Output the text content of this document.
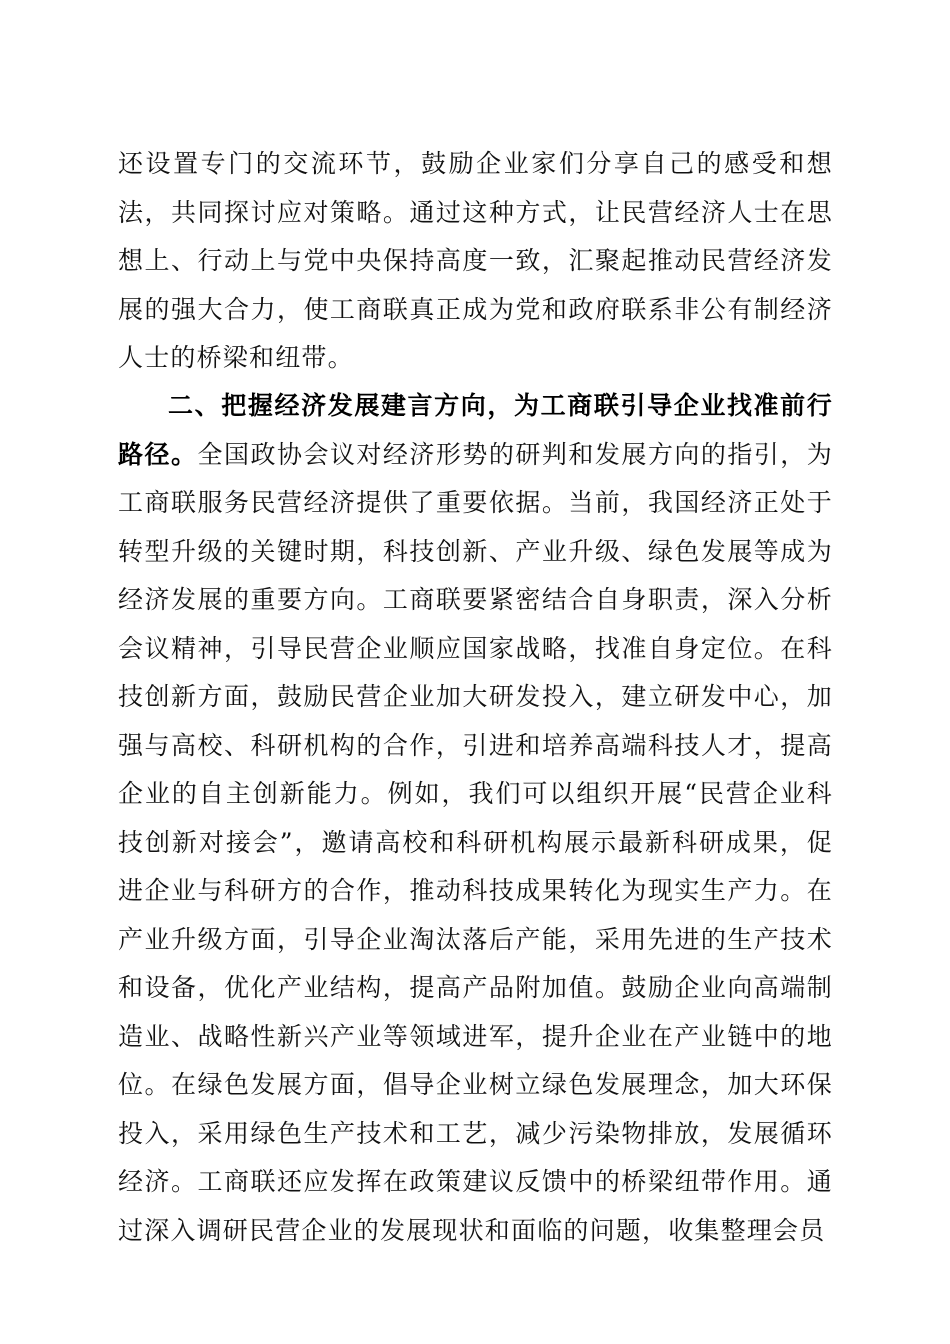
还设置专门的交流环节，鼓励企业家们分享自己的感受和想法，共同探讨应对策略。通过这种方式，让民营经济人士在思想上、行动上与党中央保持高度一致，汇聚起推动民营经济发展的强大合力，使工商联真正成为党和政府联系非公有制经济人士的桥梁和纽带。

二、把握经济发展建言方向，为工商联引导企业找准前行路径。全国政协会议对经济形势的研判和发展方向的指引，为工商联服务民营经济提供了重要依据。当前，我国经济正处于转型升级的关键时期，科技创新、产业升级、绿色发展等成为经济发展的重要方向。工商联要紧密结合自身职责，深入分析会议精神，引导民营企业顺应国家战略，找准自身定位。在科技创新方面，鼓励民营企业加大研发投入，建立研发中心，加强与高校、科研机构的合作，引进和培养高端科技人才，提高企业的自主创新能力。例如，我们可以组织开展“民营企业科技创新对接会”，邀请高校和科研机构展示最新科研成果，促进企业与科研方的合作，推动科技成果转化为现实生产力。在产业升级方面，引导企业淘汰落后产能，采用先进的生产技术和设备，优化产业结构，提高产品附加值。鼓励企业向高端制造业、战略性新兴产业等领域进军，提升企业在产业链中的地位。在绿色发展方面，倡导企业树立绿色发展理念，加大环保投入，采用绿色生产技术和工艺，减少污染物排放，发展循环经济。工商联还应发挥在政策建议反馈中的桥梁纽带作用。通过深入调研民营企业的发展现状和面临的问题，收集整理会员
